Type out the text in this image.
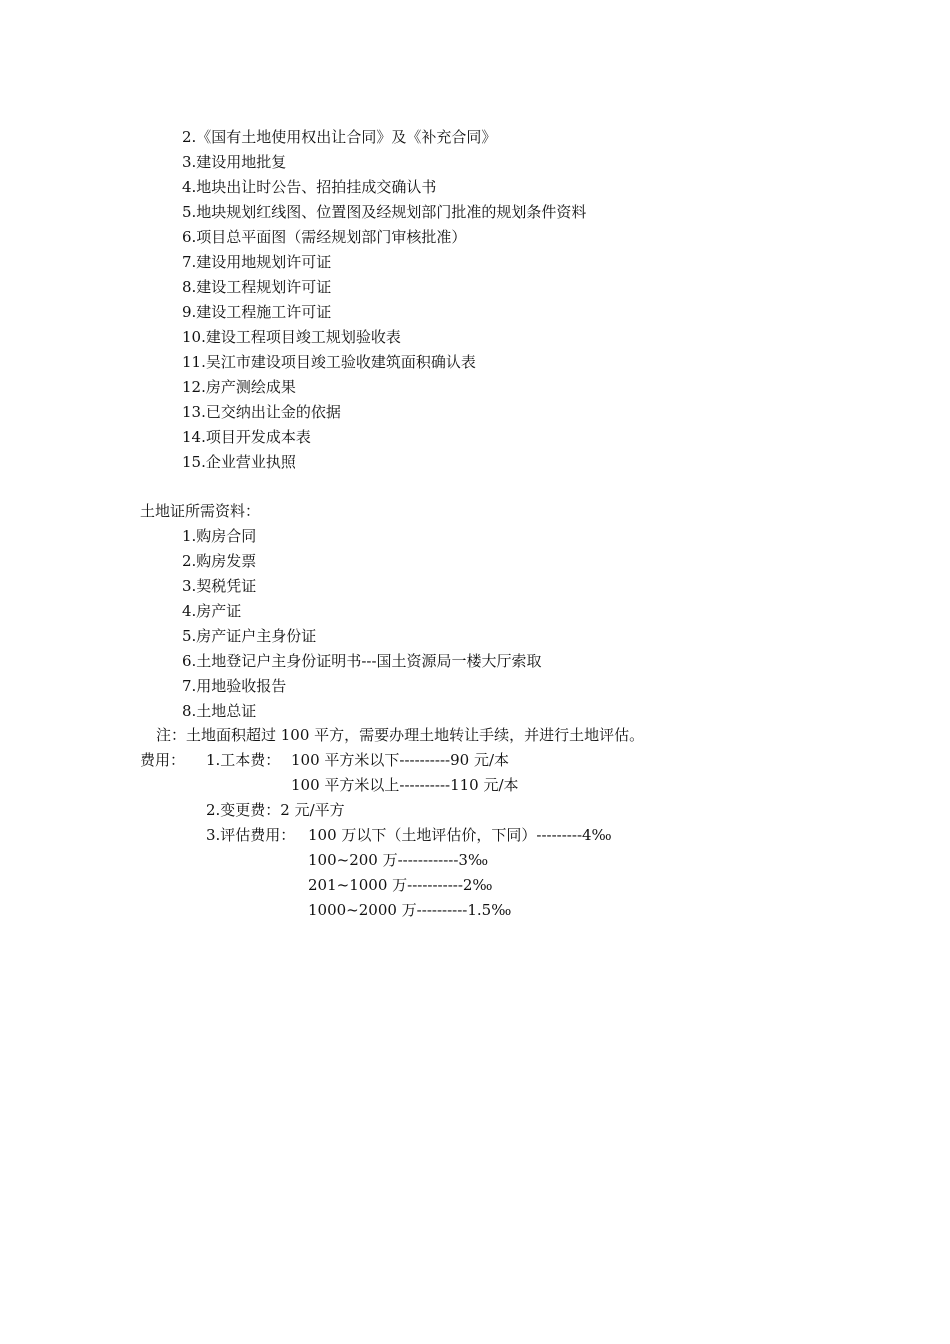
2.《国有土地使用权出让合同》及《补充合同》
3.建设用地批复
4.地块出让时公告、招拍挂成交确认书
5.地块规划红线图、位置图及经规划部门批准的规划条件资料
6.项目总平面图（需经规划部门审核批准）
7.建设用地规划许可证
8.建设工程规划许可证
9.建设工程施工许可证
10.建设工程项目竣工规划验收表
11.吴江市建设项目竣工验收建筑面积确认表
12.房产测绘成果
13.已交纳出让金的依据
14.项目开发成本表
15.企业营业执照
土地证所需资料：
1.购房合同
2.购房发票
3.契税凭证
4.房产证
5.房产证户主身份证
6.土地登记户主身份证明书---国土资源局一楼大厅索取
7.用地验收报告
8.土地总证
注：土地面积超过 100 平方，需要办理土地转让手续，并进行土地评估。
费用： 1.工本费： 100 平方米以下----------90 元/本
100 平方米以上----------110 元/本
2.变更费：2 元/平方
3.评估费用： 100 万以下（土地评估价，下同）---------4‰
100~200 万------------3‰
201~1000 万-----------2‰
1000~2000 万----------1.5‰
